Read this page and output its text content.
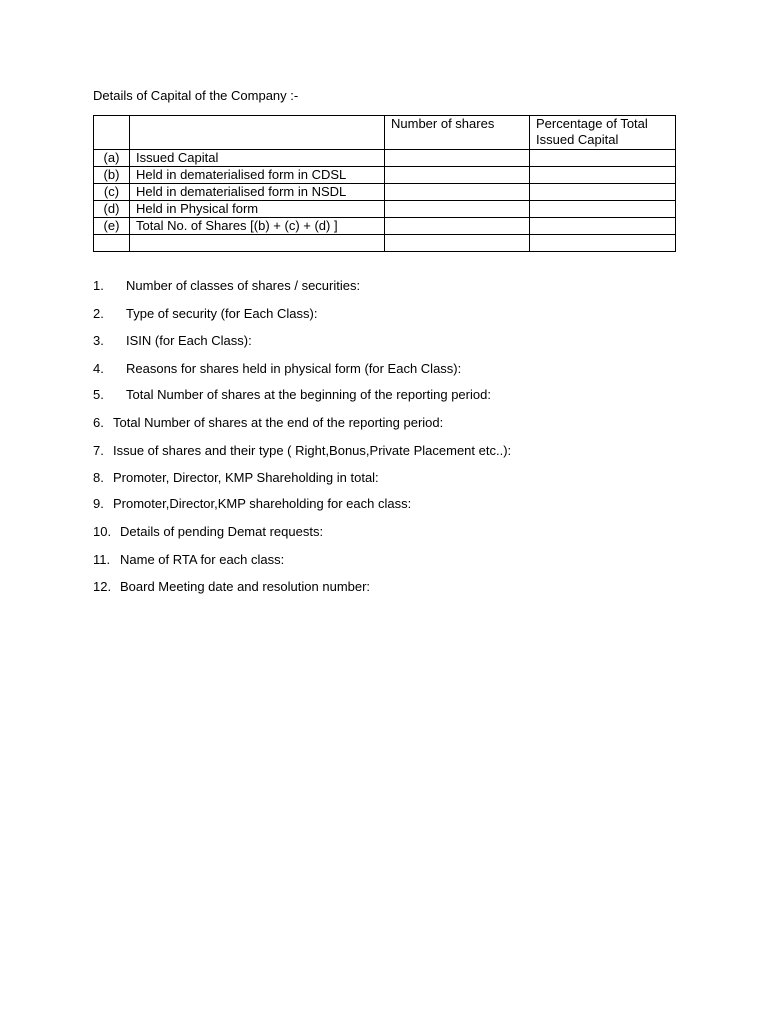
Details of Capital of the Company :-
		Number of shares	Percentage of Total Issued Capital
(a)	Issued Capital		
(b)	Held in dematerialised form in CDSL		
(c)	Held in dematerialised form in NSDL		
(d)	Held in Physical form		
(e)	Total No. of Shares [(b) + (c) + (d) ]		

1. Number of classes of shares / securities:
2. Type of security (for Each Class):
3. ISIN (for Each Class):
4. Reasons for shares held in physical form (for Each Class):
5. Total Number of shares at the beginning of the reporting period:
6. Total Number of shares at the end of the reporting period:
7. Issue of shares and their type ( Right,Bonus,Private Placement etc..):
8. Promoter, Director, KMP Shareholding in total:
9. Promoter,Director,KMP shareholding for each class:
10. Details of pending Demat requests:
11. Name of RTA for each class:
12. Board Meeting date and resolution number:
